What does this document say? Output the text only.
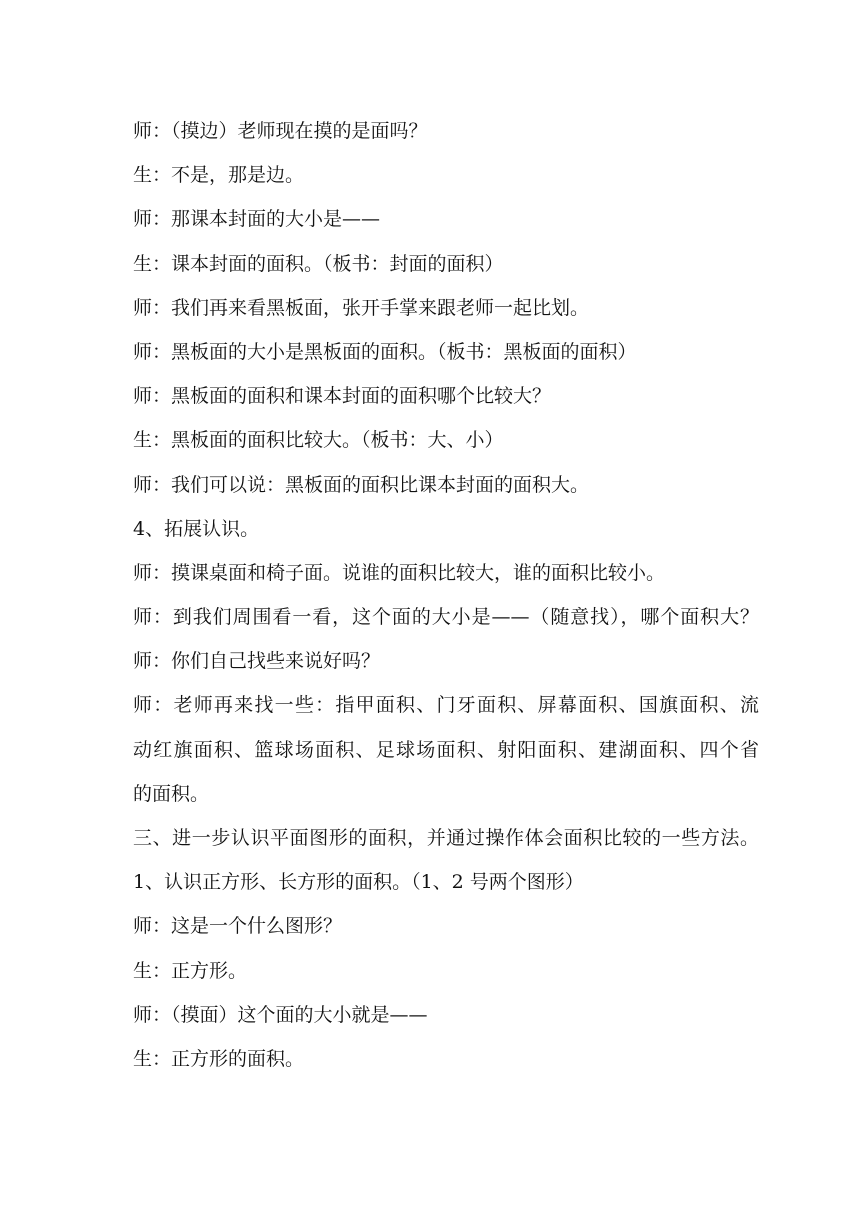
师：（摸边）老师现在摸的是面吗？

生：不是，那是边。

师：那课本封面的大小是——

生：课本封面的面积。（板书：封面的面积）

师：我们再来看黑板面，张开手掌来跟老师一起比划。

师：黑板面的大小是黑板面的面积。（板书：黑板面的面积）

师：黑板面的面积和课本封面的面积哪个比较大？

生：黑板面的面积比较大。（板书：大、小）

师：我们可以说：黑板面的面积比课本封面的面积大。

4、拓展认识。

师：摸课桌面和椅子面。说谁的面积比较大，谁的面积比较小。

师：到我们周围看一看，这个面的大小是——（随意找），哪个面积大？

师：你们自己找些来说好吗？

师：老师再来找一些：指甲面积、门牙面积、屏幕面积、国旗面积、流

动红旗面积、篮球场面积、足球场面积、射阳面积、建湖面积、四个省

的面积。

三、进一步认识平面图形的面积，并通过操作体会面积比较的一些方法。

1、认识正方形、长方形的面积。（1、2 号两个图形）

师：这是一个什么图形？

生：正方形。

师：（摸面）这个面的大小就是——

生：正方形的面积。
